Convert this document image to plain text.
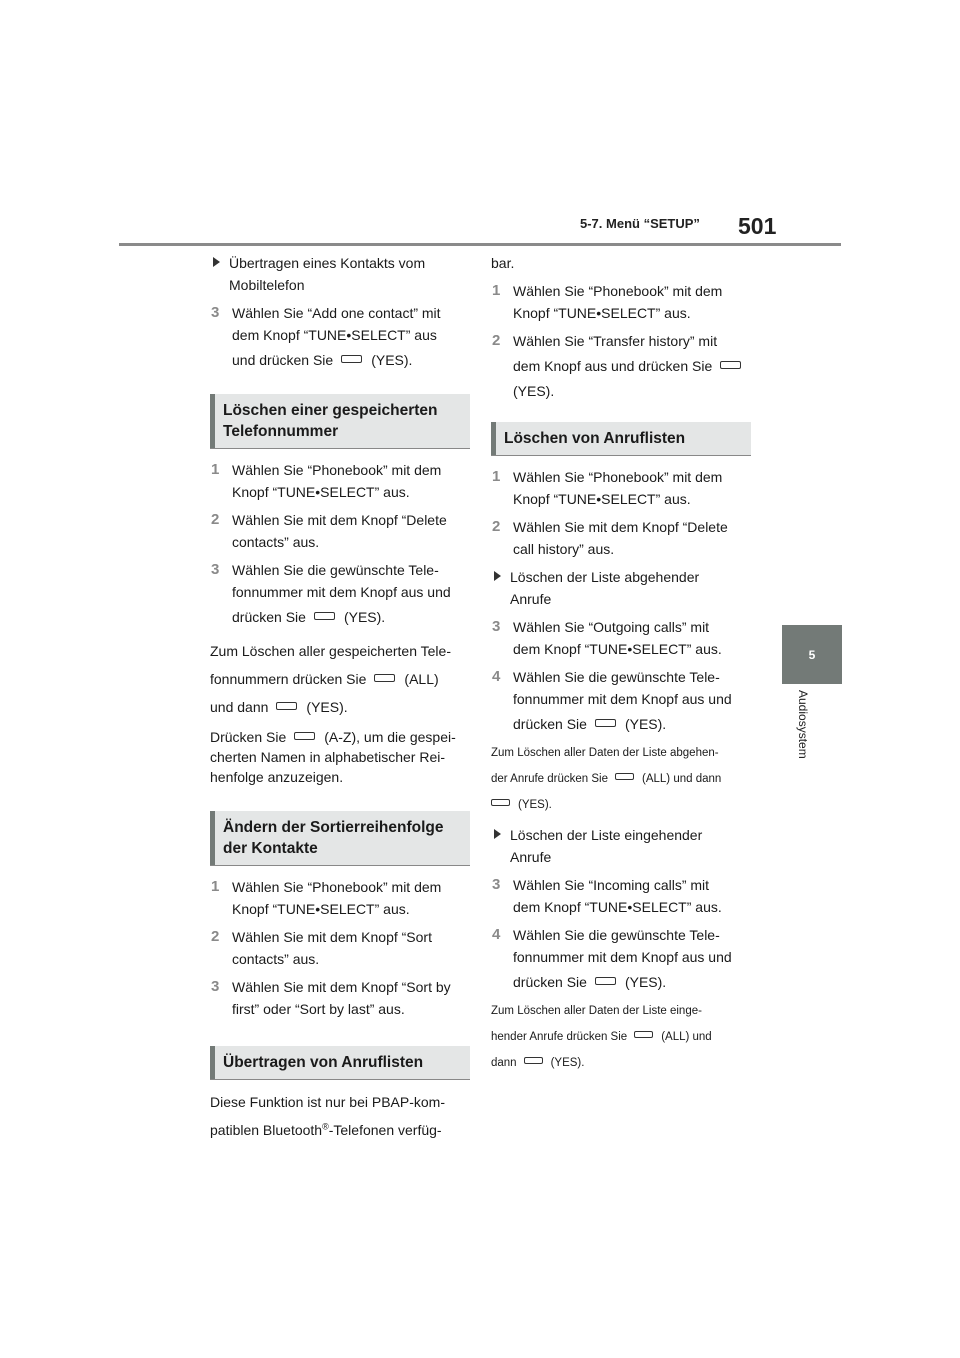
5-7. Menü “SETUP” 501
5
Audiosystem
Übertragen eines Kontakts vom
Mobiltelefon
3 Wählen Sie “Add one contact” mit
dem Knopf “TUNE•SELECT” aus
und drücken Sie	(YES).
Löschen einer gespeicherten
Telefonnummer
1 Wählen Sie “Phonebook” mit dem
Knopf “TUNE•SELECT” aus.
2 Wählen Sie mit dem Knopf “Delete
contacts” aus.
3 Wählen Sie die gewünschte Tele-
fonnummer mit dem Knopf aus und
drücken Sie	(YES).
Zum Löschen aller gespeicherten Tele-
fonnummern drücken Sie	(ALL)
und dann	(YES).
Drücken Sie	(A-Z), um die gespei-
cherten Namen in alphabetischer Rei-
henfolge anzuzeigen.
Ändern der Sortierreihenfolge
der Kontakte
1 Wählen Sie “Phonebook” mit dem
Knopf “TUNE•SELECT” aus.
2 Wählen Sie mit dem Knopf “Sort
contacts” aus.
3 Wählen Sie mit dem Knopf “Sort by
first” oder “Sort by last” aus.
Übertragen von Anruflisten
Diese Funktion ist nur bei PBAP-kom-
patiblen Bluetooth®-Telefonen verfüg-
bar.
1 Wählen Sie “Phonebook” mit dem
Knopf “TUNE•SELECT” aus.
2 Wählen Sie “Transfer history” mit
dem Knopf aus und drücken Sie
(YES).
Löschen von Anruflisten
1 Wählen Sie “Phonebook” mit dem
Knopf “TUNE•SELECT” aus.
2 Wählen Sie mit dem Knopf “Delete
call history” aus.
Löschen der Liste abgehender
Anrufe
3 Wählen Sie “Outgoing calls” mit
dem Knopf “TUNE•SELECT” aus.
4 Wählen Sie die gewünschte Tele-
fonnummer mit dem Knopf aus und
drücken Sie	(YES).
Zum Löschen aller Daten der Liste abgehen-
der Anrufe drücken Sie	(ALL) und dann
(YES).
Löschen der Liste eingehender
Anrufe
3 Wählen Sie “Incoming calls” mit
dem Knopf “TUNE•SELECT” aus.
4 Wählen Sie die gewünschte Tele-
fonnummer mit dem Knopf aus und
drücken Sie	(YES).
Zum Löschen aller Daten der Liste einge-
hender Anrufe drücken Sie	(ALL) und
dann	(YES).
